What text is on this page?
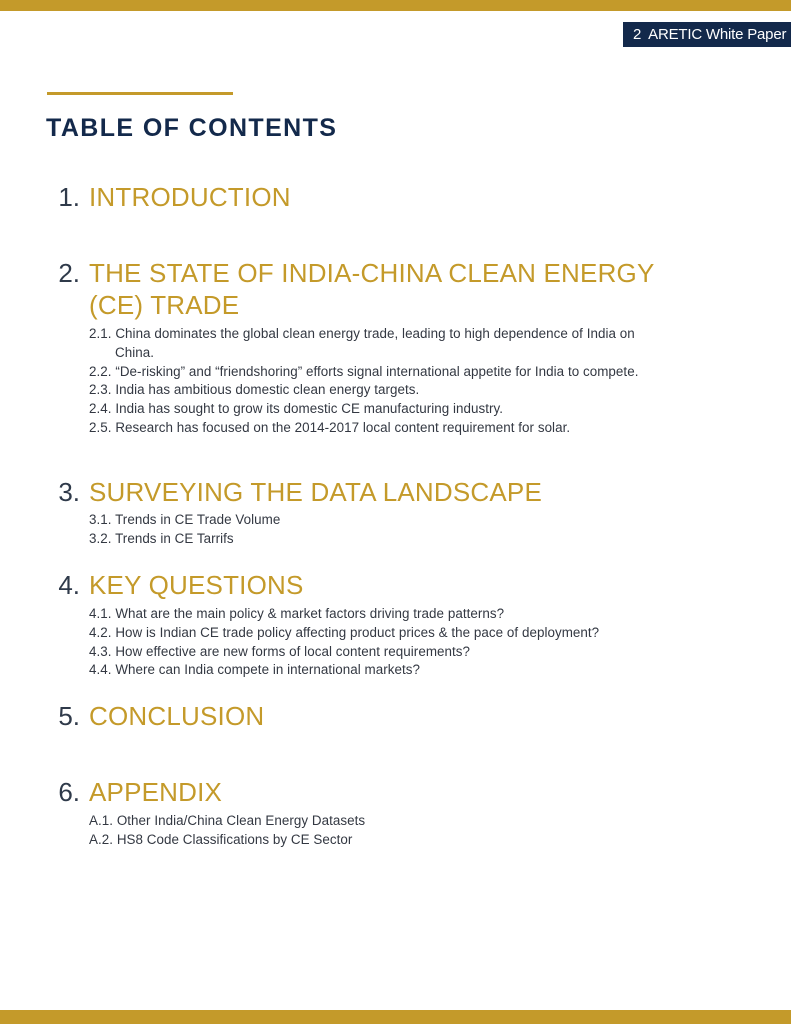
2 ARETIC White Paper
TABLE OF CONTENTS
1. INTRODUCTION
2. THE STATE OF INDIA-CHINA CLEAN ENERGY
(CE) TRADE
2.1. China dominates the global clean energy trade, leading to high dependence of India on China.
2.2. “De-risking” and “friendshoring” efforts signal international appetite for India to compete.
2.3. India has ambitious domestic clean energy targets.
2.4. India has sought to grow its domestic CE manufacturing industry.
2.5. Research has focused on the 2014-2017 local content requirement for solar.
3. SURVEYING THE DATA LANDSCAPE
3.1. Trends in CE Trade Volume
3.2. Trends in CE Tarrifs
4. KEY QUESTIONS
4.1. What are the main policy & market factors driving trade patterns?
4.2. How is Indian CE trade policy affecting product prices & the pace of deployment?
4.3. How effective are new forms of local content requirements?
4.4. Where can India compete in international markets?
5. CONCLUSION
6. APPENDIX
A.1. Other India/China Clean Energy Datasets
A.2. HS8 Code Classifications by CE Sector
